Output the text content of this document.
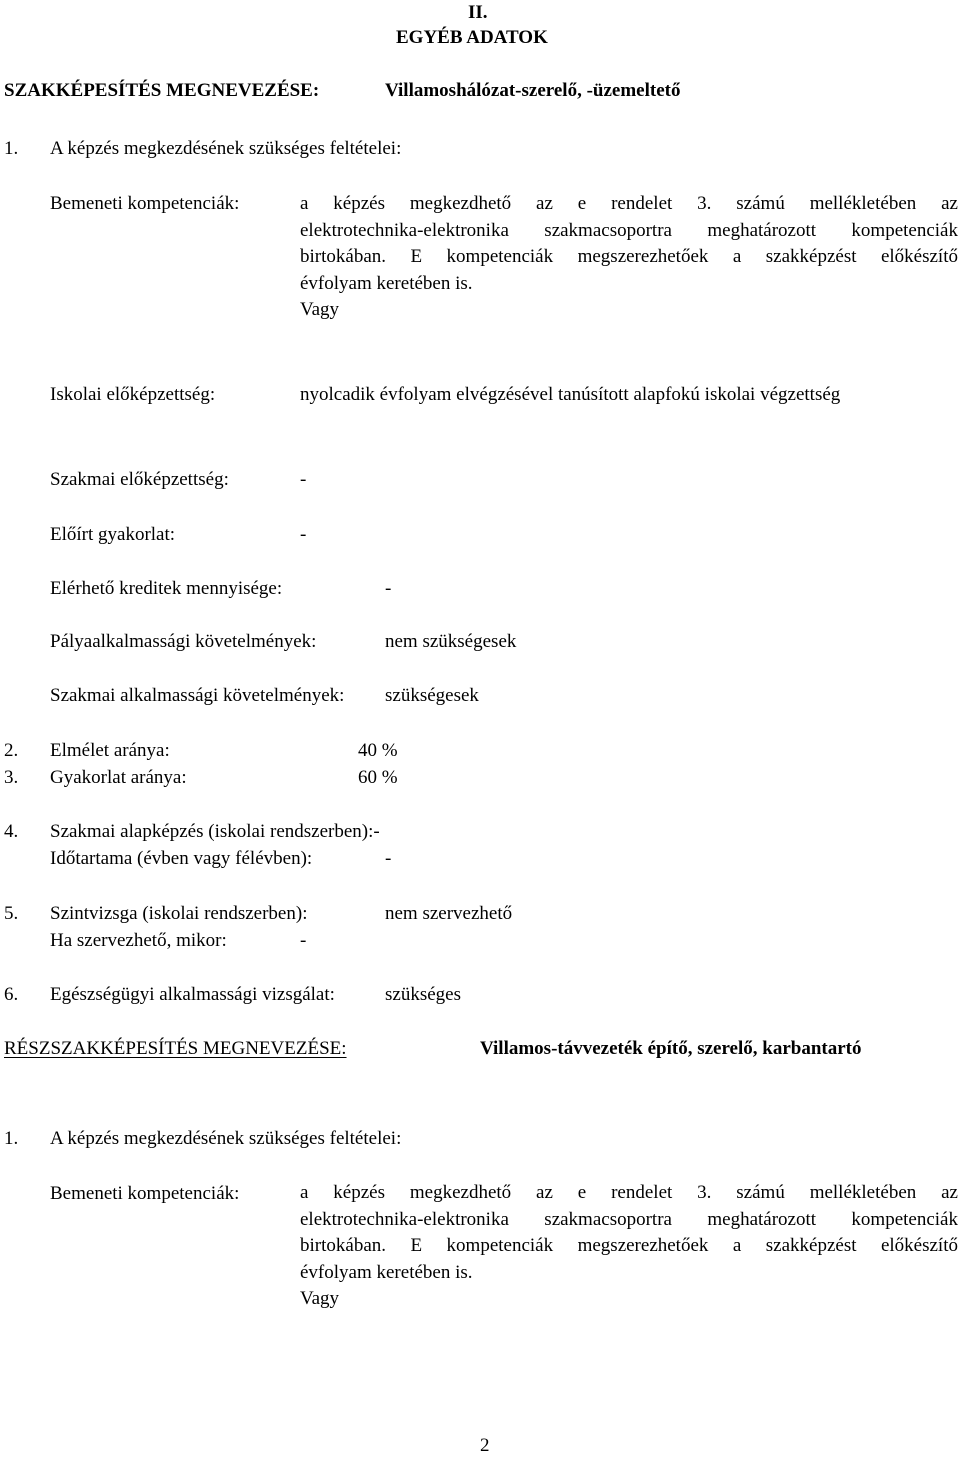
II.
EGYÉB ADATOK
SZAKKÉPESÍTÉS MEGNEVEZÉSE:	Villamoshálózat-szerelő, -üzemeltető
1. A képzés megkezdésének szükséges feltételei:
Bemeneti kompetenciák:	a képzés megkezdhető az e rendelet 3. számú mellékletében az
elektrotechnika-elektronika szakmacsoportra meghatározott kompetenciák
birtokában. E kompetenciák megszerezhetőek a szakképzést előkészítő
évfolyam keretében is.
Vagy
Iskolai előképzettség:	nyolcadik évfolyam elvégzésével tanúsított alapfokú iskolai végzettség
Szakmai előképzettség:	-
Előírt gyakorlat:	-
Elérhető kreditek mennyisége:	-
Pályaalkalmassági követelmények:	nem szükségesek
Szakmai alkalmassági követelmények: szükségesek
2. Elmélet aránya:	40 %
3. Gyakorlat aránya:	60 %
4. Szakmai alapképzés (iskolai rendszerben):-
Időtartama (évben vagy félévben):	-
5. Szintvizsga (iskolai rendszerben):	nem szervezhető
Ha szervezhető, mikor:	-
6. Egészségügyi alkalmassági vizsgálat:	szükséges
RÉSZSZAKKÉPESÍTÉS MEGNEVEZÉSE:	Villamos-távvezeték építő, szerelő, karbantartó
1. A képzés megkezdésének szükséges feltételei:
Bemeneti kompetenciák:	a képzés megkezdhető az e rendelet 3. számú mellékletében az
elektrotechnika-elektronika szakmacsoportra meghatározott kompetenciák
birtokában. E kompetenciák megszerezhetőek a szakképzést előkészítő
évfolyam keretében is.
Vagy
2
